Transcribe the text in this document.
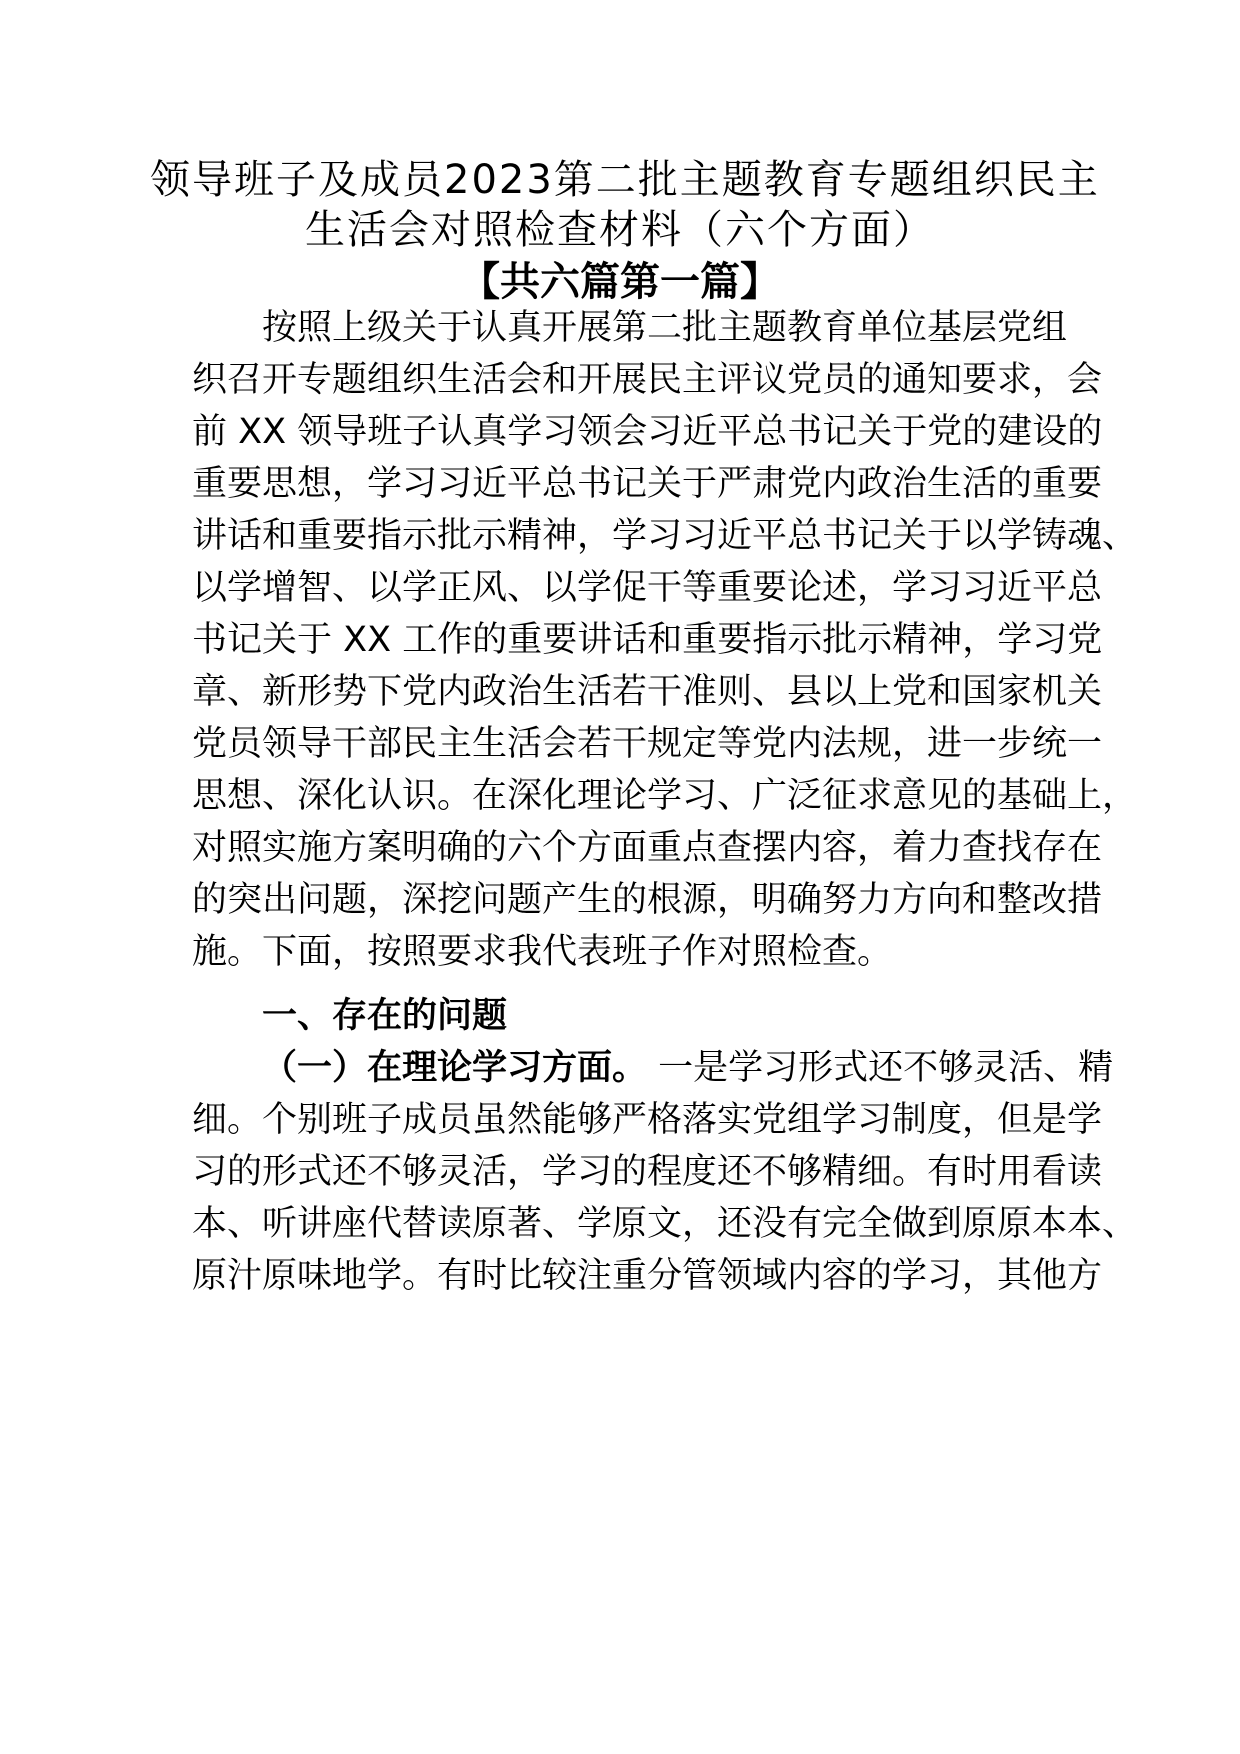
领导班子及成员2023第二批主题教育专题组织民主
生活会对照检查材料（六个方面）
【共六篇第一篇】
按照上级关于认真开展第二批主题教育单位基层党组
织召开专题组织生活会和开展民主评议党员的通知要求，会
前 XX 领导班子认真学习领会习近平总书记关于党的建设的
重要思想，学习习近平总书记关于严肃党内政治生活的重要
讲话和重要指示批示精神，学习习近平总书记关于以学铸魂、
以学增智、以学正风、以学促干等重要论述，学习习近平总
书记关于 XX 工作的重要讲话和重要指示批示精神，学习党
章、新形势下党内政治生活若干准则、县以上党和国家机关
党员领导干部民主生活会若干规定等党内法规，进一步统一
思想、深化认识。在深化理论学习、广泛征求意见的基础上，
对照实施方案明确的六个方面重点查摆内容，着力查找存在
的突出问题，深挖问题产生的根源，明确努力方向和整改措
施。下面，按照要求我代表班子作对照检查。
一、存在的问题
（一）在理论学习方面。 一是学习形式还不够灵活、精
细。个别班子成员虽然能够严格落实党组学习制度，但是学
习的形式还不够灵活，学习的程度还不够精细。有时用看读
本、听讲座代替读原著、学原文，还没有完全做到原原本本、
原汁原味地学。有时比较注重分管领域内容的学习，其他方
